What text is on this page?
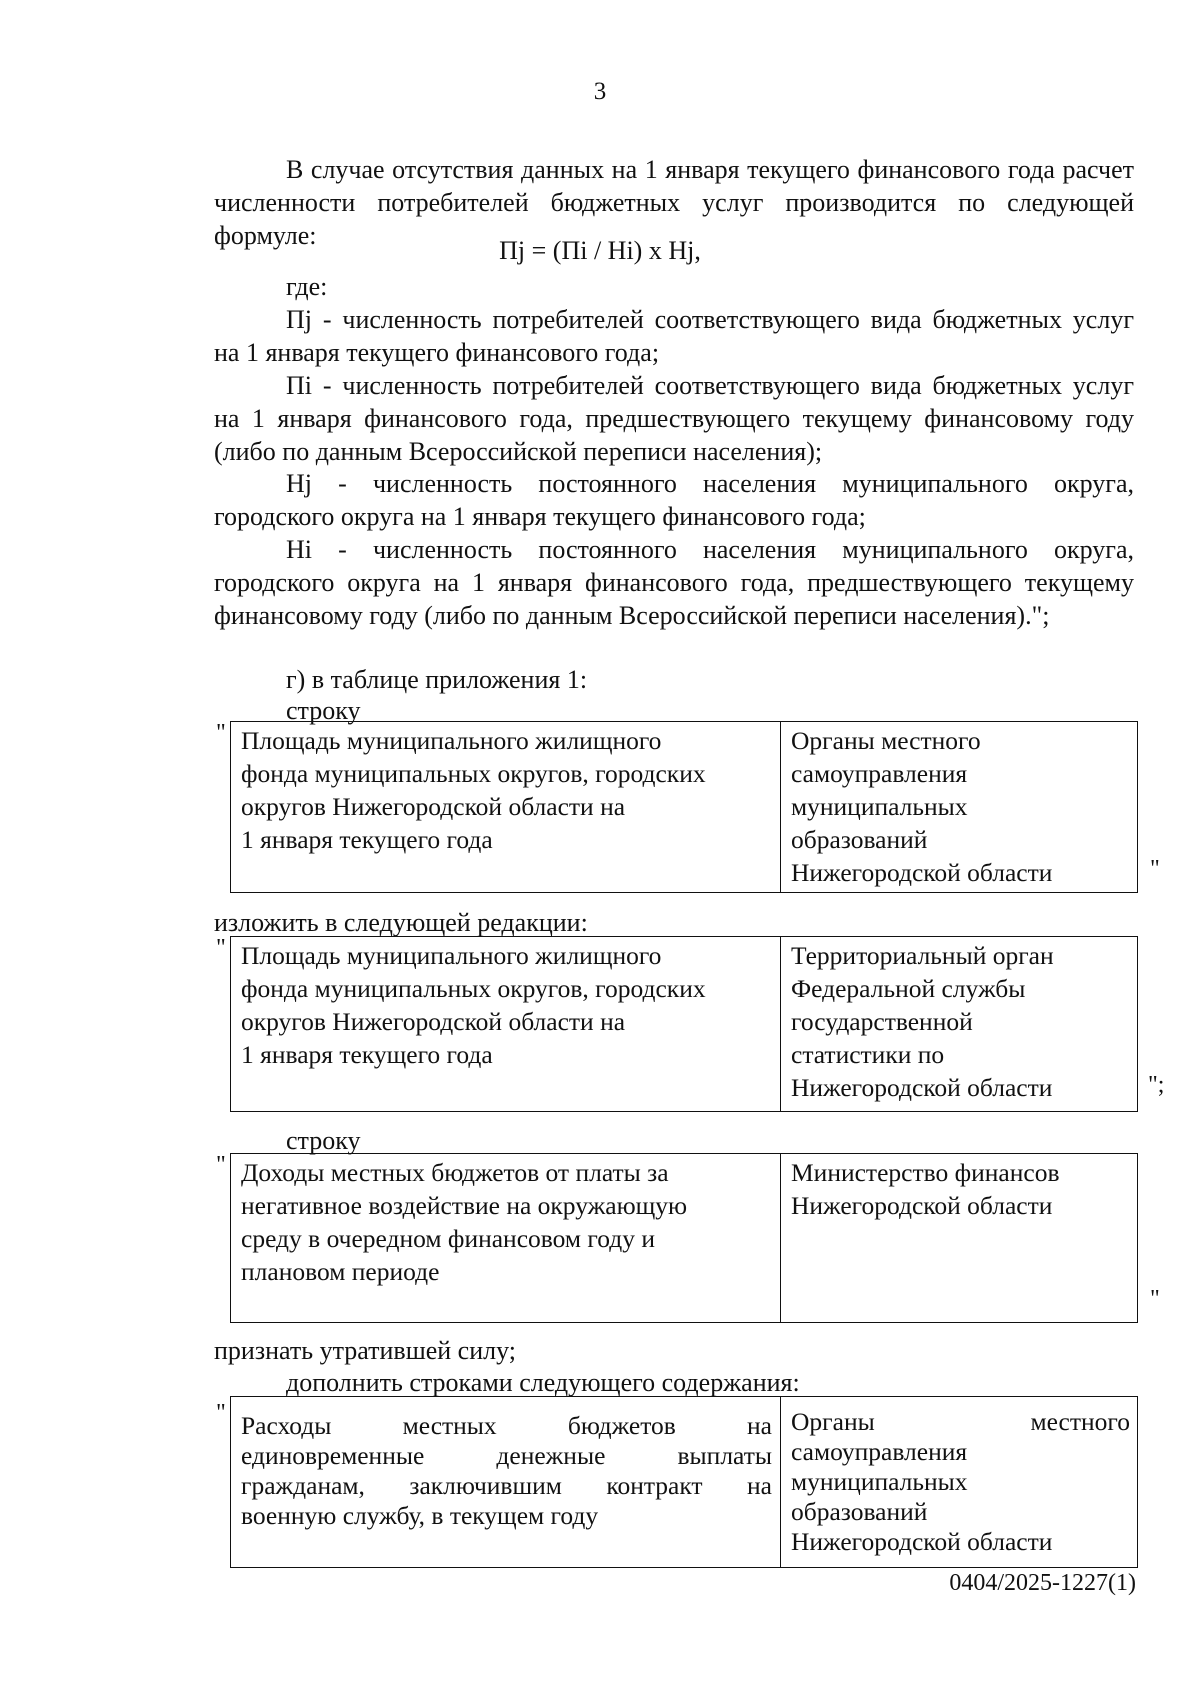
3
В случае отсутствия данных на 1 января текущего финансового года расчет численности потребителей бюджетных услуг производится по следующей формуле:
Пj = (Пi / Нi) х Нj,
где:
Пj - численность потребителей соответствующего вида бюджетных услуг на 1 января текущего финансового года;
Пi - численность потребителей соответствующего вида бюджетных услуг на 1 января финансового года, предшествующего текущему финансовому году (либо по данным Всероссийской переписи населения);
Нj - численность постоянного населения муниципального округа, городского округа на 1 января текущего финансового года;
Нi - численность постоянного населения муниципального округа, городского округа на 1 января финансового года, предшествующего текущему финансовому году (либо по данным Всероссийской переписи населения).";
г) в таблице приложения 1:
строку
" Площадь муниципального жилищного
фонда муниципальных округов, городских
округов Нижегородской области на
1 января текущего года
Органы местного
самоуправления
муниципальных
образований
Нижегородской области	"
изложить в следующей редакции:
" Площадь муниципального жилищного
фонда муниципальных округов, городских
округов Нижегородской области на
1 января текущего года
Территориальный орган
Федеральной службы
государственной
статистики по
Нижегородской области	";
строку
" Доходы местных бюджетов от платы за
негативное воздействие на окружающую
среду в очередном финансовом году и
плановом периоде
Министерство финансов
Нижегородской области
"
признать утратившей силу;
дополнить строками следующего содержания:
" Расходы местных бюджетов на
единовременные денежные выплаты
гражданам, заключившим контракт на
военную службу, в текущем году
Органы местного
самоуправления
муниципальных
образований
Нижегородской области
0404/2025-1227(1)
